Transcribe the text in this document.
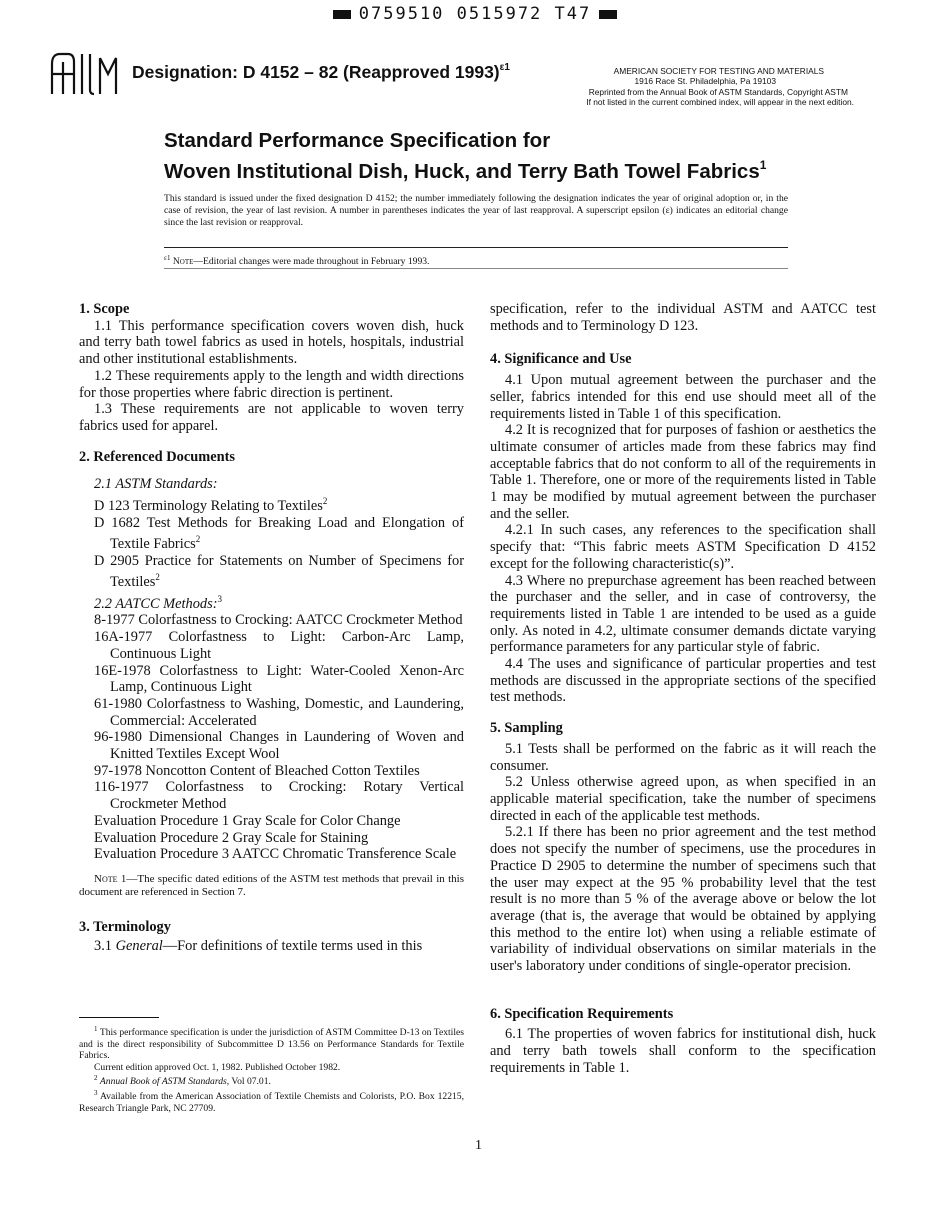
0759510 0515972 T47
Designation: D 4152 – 82 (Reapproved 1993)$^{\varepsilon 1}$	AMERICAN SOCIETY FOR TESTING AND MATERIALS
1916 Race St. Philadelphia, Pa 19103
Reprinted from the Annual Book of ASTM Standards, Copyright ASTM
If not listed in the current combined index, will appear in the next edition.
Standard Performance Specification for
Woven Institutional Dish, Huck, and Terry Bath Towel Fabrics$^1$
This standard is issued under the fixed designation D 4152; the number immediately following the designation indicates the year of original adoption or, in the case of revision, the year of last revision. A number in parentheses indicates the year of last reapproval. A superscript epsilon (ε) indicates an editorial change since the last revision or reapproval.
$^{\varepsilon 1}$ Note—Editorial changes were made throughout in February 1993.

1. Scope

1.1 This performance specification covers woven dish, huck and terry bath towel fabrics as used in hotels, hospitals, industrial and other institutional establishments.

1.2 These requirements apply to the length and width directions for those properties where fabric direction is pertinent.

1.3 These requirements are not applicable to woven terry fabrics used for apparel.

2. Referenced Documents

2.1 ASTM Standards:

D 123 Terminology Relating to Textiles$^2$

D 1682 Test Methods for Breaking Load and Elongation of Textile Fabrics$^2$

D 2905 Practice for Statements on Number of Specimens for Textiles$^2$

2.2 AATCC Methods:$^3$

8-1977 Colorfastness to Crocking: AATCC Crockmeter Method

16A-1977 Colorfastness to Light: Carbon-Arc Lamp, Continuous Light

16E-1978 Colorfastness to Light: Water-Cooled Xenon-Arc Lamp, Continuous Light

61-1980 Colorfastness to Washing, Domestic, and Laundering, Commercial: Accelerated

96-1980 Dimensional Changes in Laundering of Woven and Knitted Textiles Except Wool

97-1978 Noncotton Content of Bleached Cotton Textiles

116-1977 Colorfastness to Crocking: Rotary Vertical Crockmeter Method

Evaluation Procedure 1 Gray Scale for Color Change

Evaluation Procedure 2 Gray Scale for Staining

Evaluation Procedure 3 AATCC Chromatic Transference Scale

Note 1—The specific dated editions of the ASTM test methods that prevail in this document are referenced in Section 7.

3. Terminology

3.1 General—For definitions of textile terms used in this

$^1$ This performance specification is under the jurisdiction of ASTM Committee D-13 on Textiles and is the direct responsibility of Subcommittee D 13.56 on Performance Standards for Textile Fabrics.

Current edition approved Oct. 1, 1982. Published October 1982.

$^2$ Annual Book of ASTM Standards, Vol 07.01.

$^3$ Available from the American Association of Textile Chemists and Colorists, P.O. Box 12215, Research Triangle Park, NC 27709.

specification, refer to the individual ASTM and AATCC test methods and to Terminology D 123.

4. Significance and Use

4.1 Upon mutual agreement between the purchaser and the seller, fabrics intended for this end use should meet all of the requirements listed in Table 1 of this specification.

4.2 It is recognized that for purposes of fashion or aesthetics the ultimate consumer of articles made from these fabrics may find acceptable fabrics that do not conform to all of the requirements in Table 1. Therefore, one or more of the requirements listed in Table 1 may be modified by mutual agreement between the purchaser and the seller.

4.2.1 In such cases, any references to the specification shall specify that: “This fabric meets ASTM Specification D 4152 except for the following characteristic(s)”.

4.3 Where no prepurchase agreement has been reached between the purchaser and the seller, and in case of controversy, the requirements listed in Table 1 are intended to be used as a guide only. As noted in 4.2, ultimate consumer demands dictate varying performance parameters for any particular style of fabric.

4.4 The uses and significance of particular properties and test methods are discussed in the appropriate sections of the specified test methods.

5. Sampling

5.1 Tests shall be performed on the fabric as it will reach the consumer.

5.2 Unless otherwise agreed upon, as when specified in an applicable material specification, take the number of specimens directed in each of the applicable test methods.

5.2.1 If there has been no prior agreement and the test method does not specify the number of specimens, use the procedures in Practice D 2905 to determine the number of specimens such that the user may expect at the 95 % probability level that the test result is no more than 5 % of the average above or below the lot average (that is, the average that would be obtained by applying this method to the entire lot) when using a reliable estimate of variability of individual observations on similar materials in the user's laboratory under conditions of single-operator precision.

6. Specification Requirements

6.1 The properties of woven fabrics for institutional dish, huck and terry bath towels shall conform to the specification requirements in Table 1.

1
